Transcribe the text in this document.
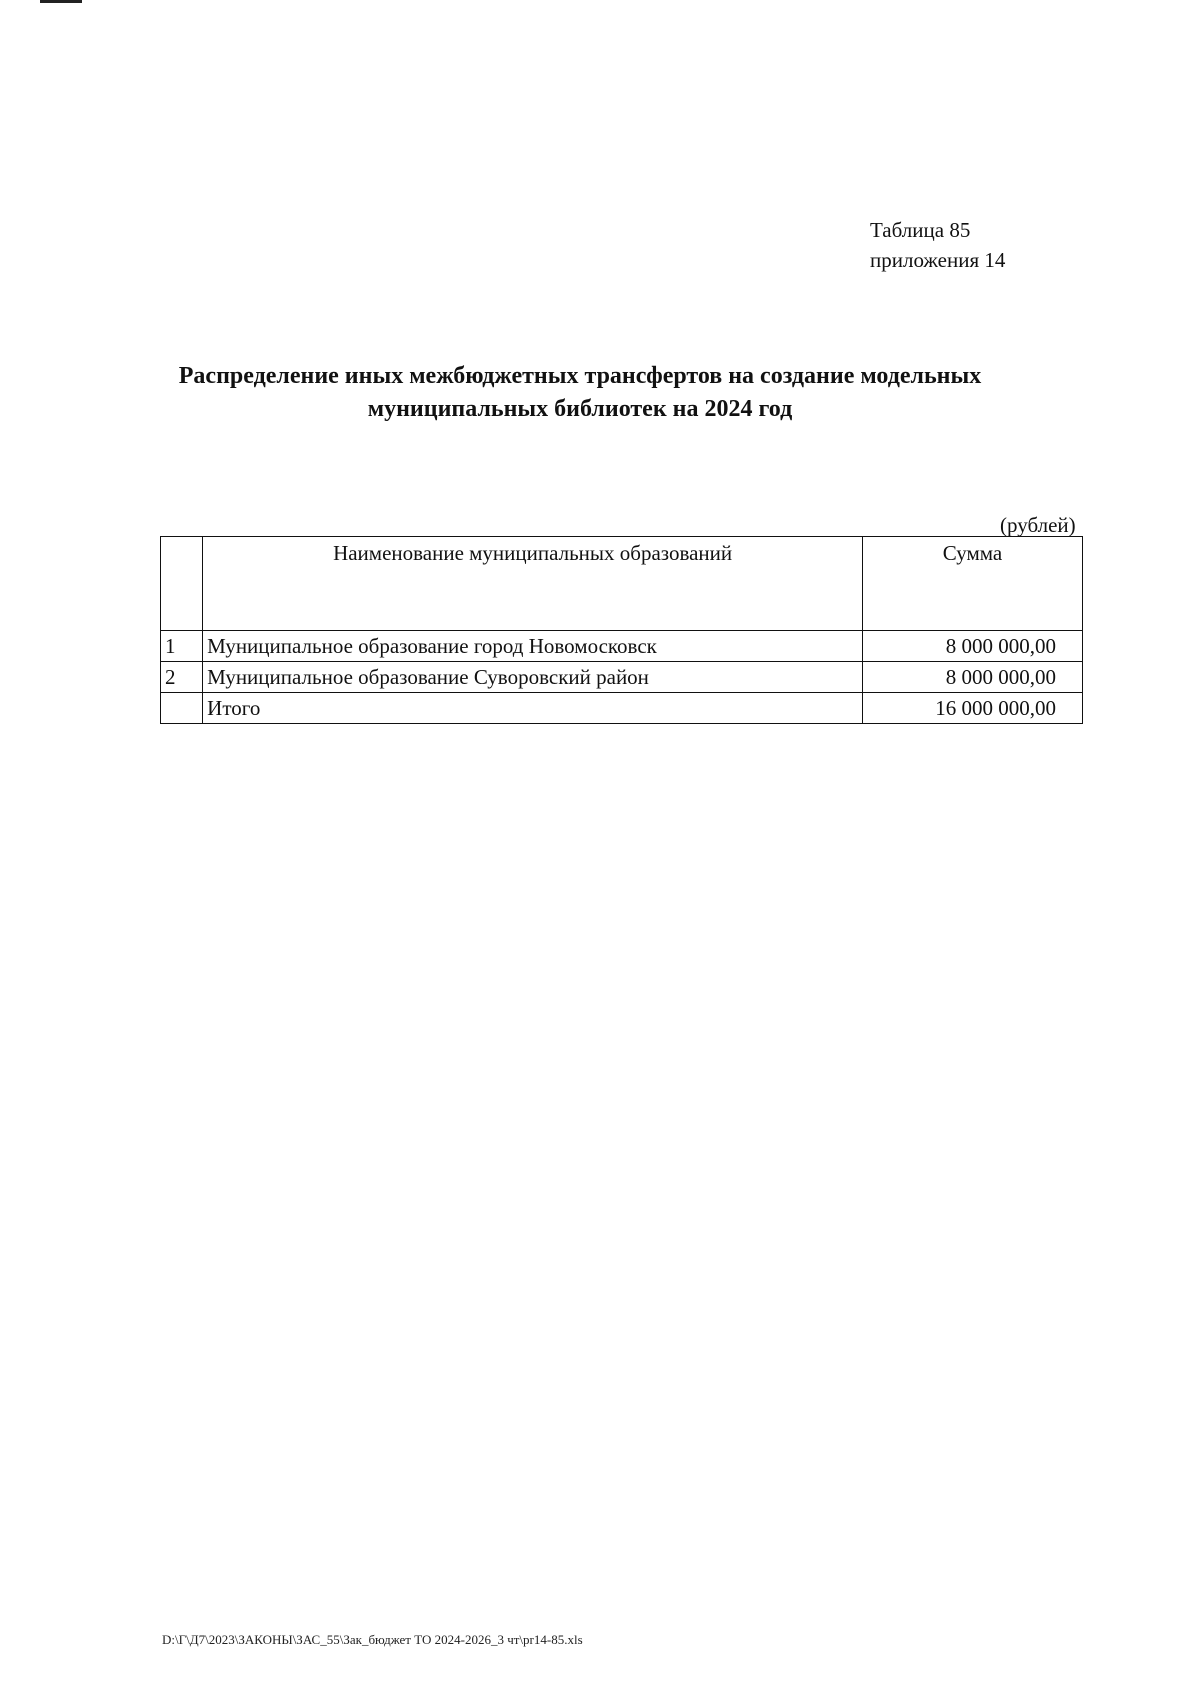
Таблица 85
приложения 14
Распределение иных межбюджетных трансфертов на создание модельных
муниципальных библиотек на 2024 год
(рублей)
	Наименование муниципальных образований	Сумма
1	Муниципальное образование город Новомосковск	8 000 000,00
2	Муниципальное образование Суворовский район	8 000 000,00
	Итого	16 000 000,00
D:\Г\Д7\2023\ЗАКОНЫ\ЗАС_55\Зак_бюджет ТО 2024-2026_3 чт\pr14-85.xls
